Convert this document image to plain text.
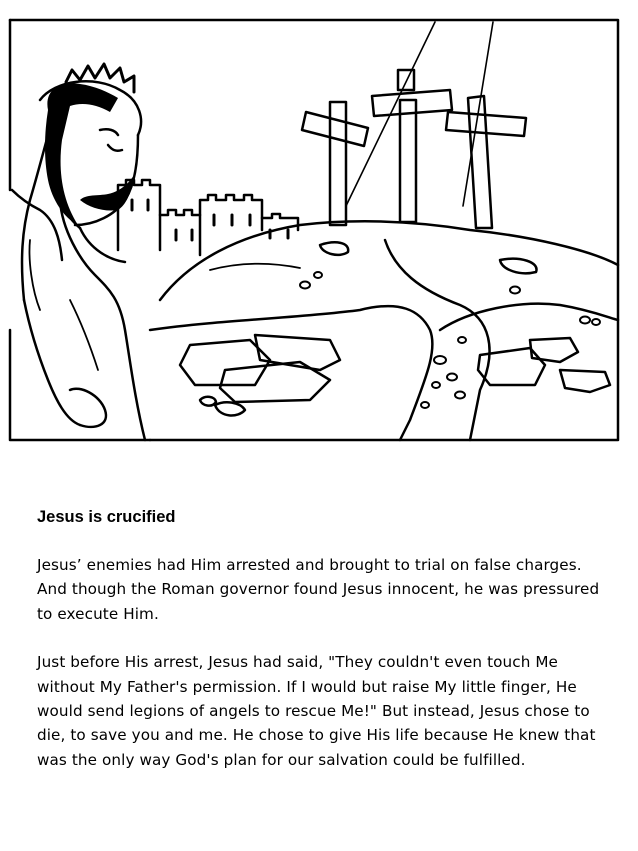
Jesus is crucified

Jesus’ enemies had Him arrested and brought to trial on false charges. And though the Roman governor found Jesus innocent, he was pressured to execute Him.

Just before His arrest, Jesus had said, "They couldn't even touch Me without My Father's permission. If I would but raise My little finger, He would send legions of angels to rescue Me!" But instead, Jesus chose to die, to save you and me. He chose to give His life because He knew that was the only way God's plan for our salvation could be fulfilled.
